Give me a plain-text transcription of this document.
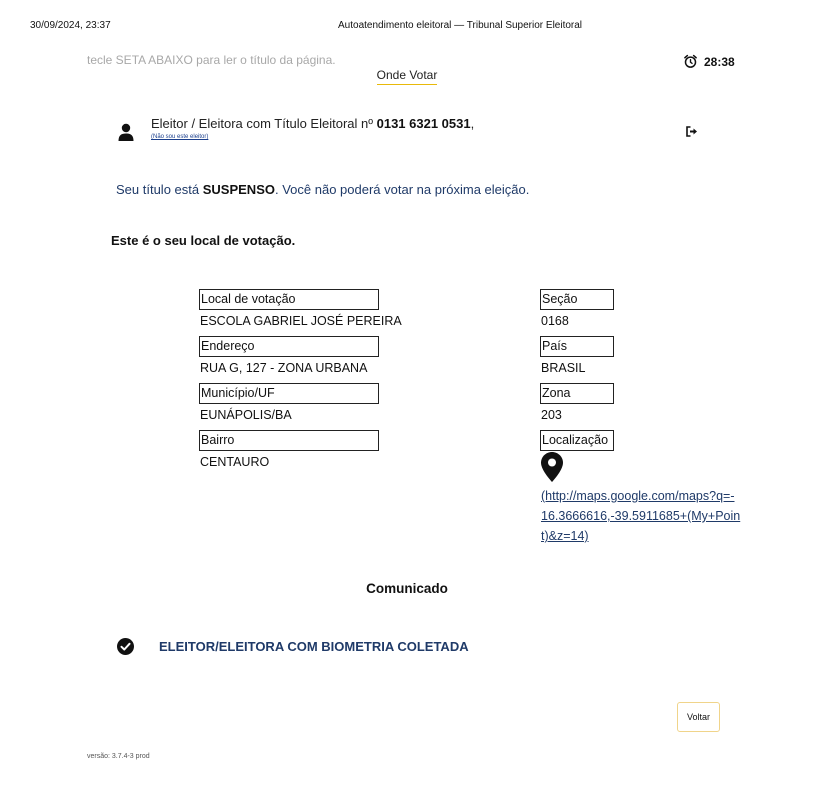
30/09/2024, 23:37	Autoatendimento eleitoral — Tribunal Superior Eleitoral
tecle SETA ABAIXO para ler o título da página.
Onde Votar
28:38
Eleitor / Eleitora com Título Eleitoral nº 0131 6321 0531,
(Não sou este eleitor)
Seu título está SUSPENSO. Você não poderá votar na próxima eleição.
Este é o seu local de votação.
Local de votação
ESCOLA GABRIEL JOSÉ PEREIRA
Endereço
RUA G, 127 - ZONA URBANA
Município/UF
EUNÁPOLIS/BA
Bairro
CENTAURO
Seção
0168
País
BRASIL
Zona
203
Localização
(http://maps.google.com/maps?q=-16.3666616,-39.5911685+(My+Point)&z=14)
Comunicado
ELEITOR/ELEITORA COM BIOMETRIA COLETADA
Voltar
versão: 3.7.4-3 prod
